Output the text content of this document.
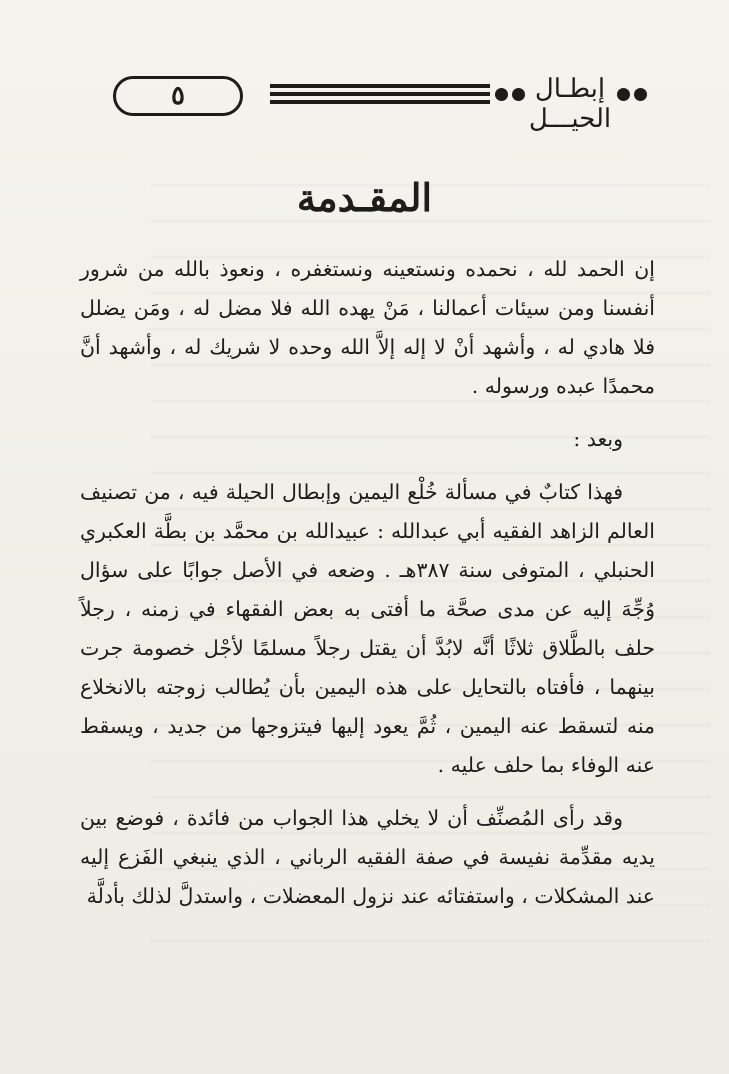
٥	إبطـال الحيـــل
المقـدمة

إن الحمد لله ، نحمده ونستعينه ونستغفره ، ونعوذ بالله من شرور أنفسنا ومن سيئات أعمالنا ، مَنْ يهده الله فلا مضل له ، ومَن يضلل فلا هادي له ، وأشهد أنْ لا إله إلاَّ الله وحده لا شريك له ، وأشهد أنَّ محمدًا عبده ورسوله .

وبعد :

فهذا كتابٌ في مسألة خُلْع اليمين وإبطال الحيلة فيه ، من تصنيف العالم الزاهد الفقيه أبي عبدالله : عبيدالله بن محمَّد بن بطَّة العكبري الحنبلي ، المتوفى سنة ٣٨٧هـ . وضعه في الأصل جوابًا على سؤال وُجِّهَ إليه عن مدى صحَّة ما أفتى به بعض الفقهاء في زمنه ، رجلاً حلف بالطَّلاق ثلاثًا أنَّه لابُدَّ أن يقتل رجلاً مسلمًا لأجْل خصومة جرت بينهما ، فأفتاه بالتحايل على هذه اليمين بأن يُطالب زوجته بالانخلاع منه لتسقط عنه اليمين ، ثُمَّ يعود إليها فيتزوجها من جديد ، ويسقط عنه الوفاء بما حلف عليه .

وقد رأى المُصنِّف أن لا يخلي هذا الجواب من فائدة ، فوضع بين يديه مقدِّمة نفيسة في صفة الفقيه الرباني ، الذي ينبغي الفَزع إليه عند المشكلات ، واستفتائه عند نزول المعضلات ، واستدلَّ لذلك بأدلَّة
